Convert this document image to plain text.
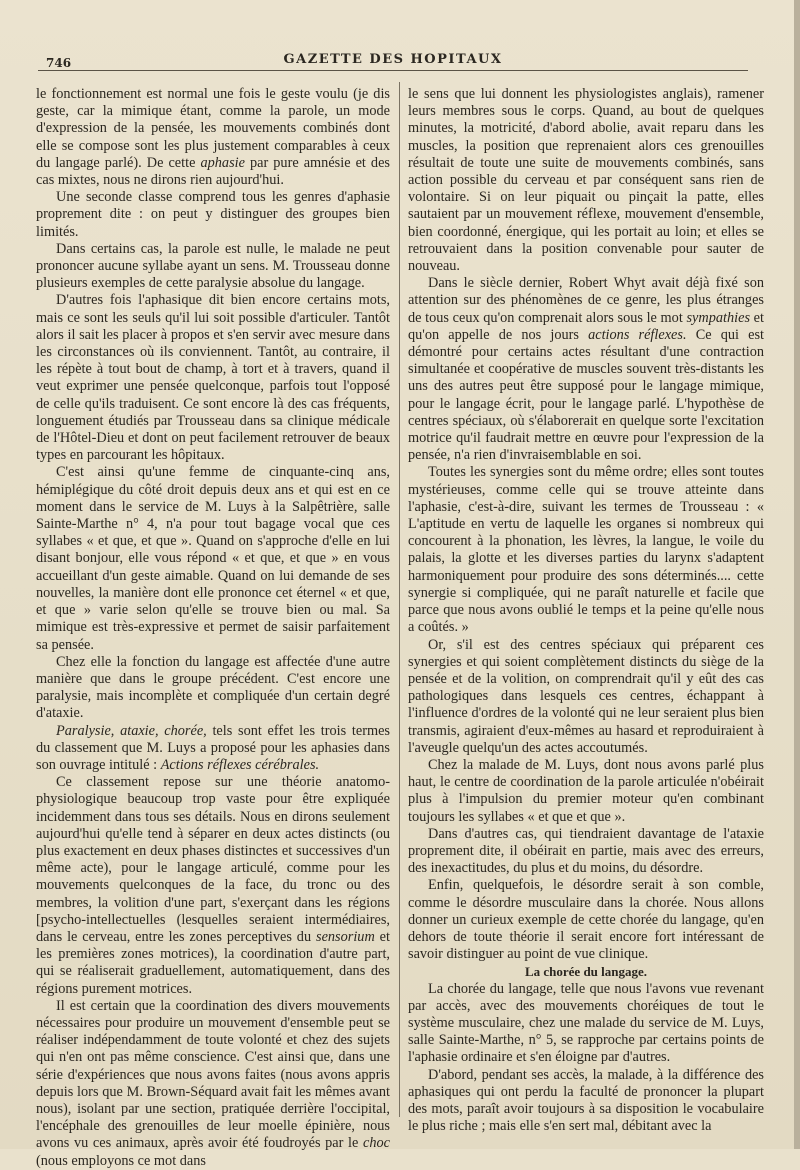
746	GAZETTE DES HOPITAUX

le fonctionnement est normal une fois le geste voulu (je dis geste, car la mimique étant, comme la parole, un mode d'expression de la pensée, les mouvements combinés dont elle se compose sont les plus justement comparables à ceux du langage parlé). De cette aphasie par pure amnésie et des cas mixtes, nous ne dirons rien aujourd'hui.

Une seconde classe comprend tous les genres d'aphasie proprement dite : on peut y distinguer des groupes bien limités.

Dans certains cas, la parole est nulle, le malade ne peut prononcer aucune syllabe ayant un sens. M. Trousseau donne plusieurs exemples de cette paralysie absolue du langage.

D'autres fois l'aphasique dit bien encore certains mots, mais ce sont les seuls qu'il lui soit possible d'articuler. Tantôt alors il sait les placer à propos et s'en servir avec mesure dans les circonstances où ils conviennent. Tantôt, au contraire, il les répète à tout bout de champ, à tort et à travers, quand il veut exprimer une pensée quelconque, parfois tout l'opposé de celle qu'ils traduisent. Ce sont encore là des cas fréquents, longuement étudiés par Trousseau dans sa clinique médicale de l'Hôtel-Dieu et dont on peut facilement retrouver de beaux types en parcourant les hôpitaux.

C'est ainsi qu'une femme de cinquante-cinq ans, hémiplégique du côté droit depuis deux ans et qui est en ce moment dans le service de M. Luys à la Salpêtrière, salle Sainte-Marthe n° 4, n'a pour tout bagage vocal que ces syllabes « et que, et que ». Quand on s'approche d'elle en lui disant bonjour, elle vous répond « et que, et que » en vous accueillant d'un geste aimable. Quand on lui demande de ses nouvelles, la manière dont elle prononce cet éternel « et que, et que » varie selon qu'elle se trouve bien ou mal. Sa mimique est très-expressive et permet de saisir parfaitement sa pensée.

Chez elle la fonction du langage est affectée d'une autre manière que dans le groupe précédent. C'est encore une paralysie, mais incomplète et compliquée d'un certain degré d'ataxie.

Paralysie, ataxie, chorée, tels sont effet les trois termes du classement que M. Luys a proposé pour les aphasies dans son ouvrage intitulé : Actions réflexes cérébrales.

Ce classement repose sur une théorie anatomo-physiologique beaucoup trop vaste pour être expliquée incidemment dans tous ses détails. Nous en dirons seulement aujourd'hui qu'elle tend à séparer en deux actes distincts (ou plus exactement en deux phases distinctes et successives d'un même acte), pour le langage articulé, comme pour les mouvements quelconques de la face, du tronc ou des membres, la volition d'une part, s'exerçant dans les régions [psycho-intellectuelles (lesquelles seraient intermédiaires, dans le cerveau, entre les zones perceptives du sensorium et les premières zones motrices), la coordination d'autre part, qui se réaliserait graduellement, automatiquement, dans des régions purement motrices.

Il est certain que la coordination des divers mouvements nécessaires pour produire un mouvement d'ensemble peut se réaliser indépendamment de toute volonté et chez des sujets qui n'en ont pas même conscience. C'est ainsi que, dans une série d'expériences que nous avons faites (nous avons appris depuis lors que M. Brown-Séquard avait fait les mêmes avant nous), isolant par une section, pratiquée derrière l'occipital, l'encéphale des grenouilles de leur moelle épinière, nous avons vu ces animaux, après avoir été foudroyés par le choc (nous employons ce mot dans

le sens que lui donnent les physiologistes anglais), ramener leurs membres sous le corps. Quand, au bout de quelques minutes, la motricité, d'abord abolie, avait reparu dans les muscles, la position que reprenaient alors ces grenouilles résultait de toute une suite de mouvements combinés, sans action possible du cerveau et par conséquent sans rien de volontaire. Si on leur piquait ou pinçait la patte, elles sautaient par un mouvement réflexe, mouvement d'ensemble, bien coordonné, énergique, qui les portait au loin; et elles se retrouvaient dans la position convenable pour sauter de nouveau.

Dans le siècle dernier, Robert Whyt avait déjà fixé son attention sur des phénomènes de ce genre, les plus étranges de tous ceux qu'on comprenait alors sous le mot sympathies et qu'on appelle de nos jours actions réflexes. Ce qui est démontré pour certains actes résultant d'une contraction simultanée et coopérative de muscles souvent très-distants les uns des autres peut être supposé pour le langage mimique, pour le langage écrit, pour le langage parlé. L'hypothèse de centres spéciaux, où s'élaborerait en quelque sorte l'excitation motrice qu'il faudrait mettre en œuvre pour l'expression de la pensée, n'a rien d'invraisemblable en soi.

Toutes les synergies sont du même ordre; elles sont toutes mystérieuses, comme celle qui se trouve atteinte dans l'aphasie, c'est-à-dire, suivant les termes de Trousseau : « L'aptitude en vertu de laquelle les organes si nombreux qui concourent à la phonation, les lèvres, la langue, le voile du palais, la glotte et les diverses parties du larynx s'adaptent harmoniquement pour produire des sons déterminés.... cette synergie si compliquée, qui ne paraît naturelle et facile que parce que nous avons oublié le temps et la peine qu'elle nous a coûtés. »

Or, s'il est des centres spéciaux qui préparent ces synergies et qui soient complètement distincts du siège de la pensée et de la volition, on comprendrait qu'il y eût des cas pathologiques dans lesquels ces centres, échappant à l'influence d'ordres de la volonté qui ne leur seraient plus bien transmis, agiraient d'eux-mêmes au hasard et reproduiraient à l'aveugle quelqu'un des actes accoutumés.

Chez la malade de M. Luys, dont nous avons parlé plus haut, le centre de coordination de la parole articulée n'obéirait plus à l'impulsion du premier moteur qu'en combinant toujours les syllabes « et que et que ».

Dans d'autres cas, qui tiendraient davantage de l'ataxie proprement dite, il obéirait en partie, mais avec des erreurs, des inexactitudes, du plus et du moins, du désordre.

Enfin, quelquefois, le désordre serait à son comble, comme le désordre musculaire dans la chorée. Nous allons donner un curieux exemple de cette chorée du langage, qu'en dehors de toute théorie il serait encore fort intéressant de savoir distinguer au point de vue clinique.

La chorée du langage.

La chorée du langage, telle que nous l'avons vue revenant par accès, avec des mouvements choréiques de tout le système musculaire, chez une malade du service de M. Luys, salle Sainte-Marthe, n° 5, se rapproche par certains points de l'aphasie ordinaire et s'en éloigne par d'autres.

D'abord, pendant ses accès, la malade, à la différence des aphasiques qui ont perdu la faculté de prononcer la plupart des mots, paraît avoir toujours à sa disposition le vocabulaire le plus riche ; mais elle s'en sert mal, débitant avec la
